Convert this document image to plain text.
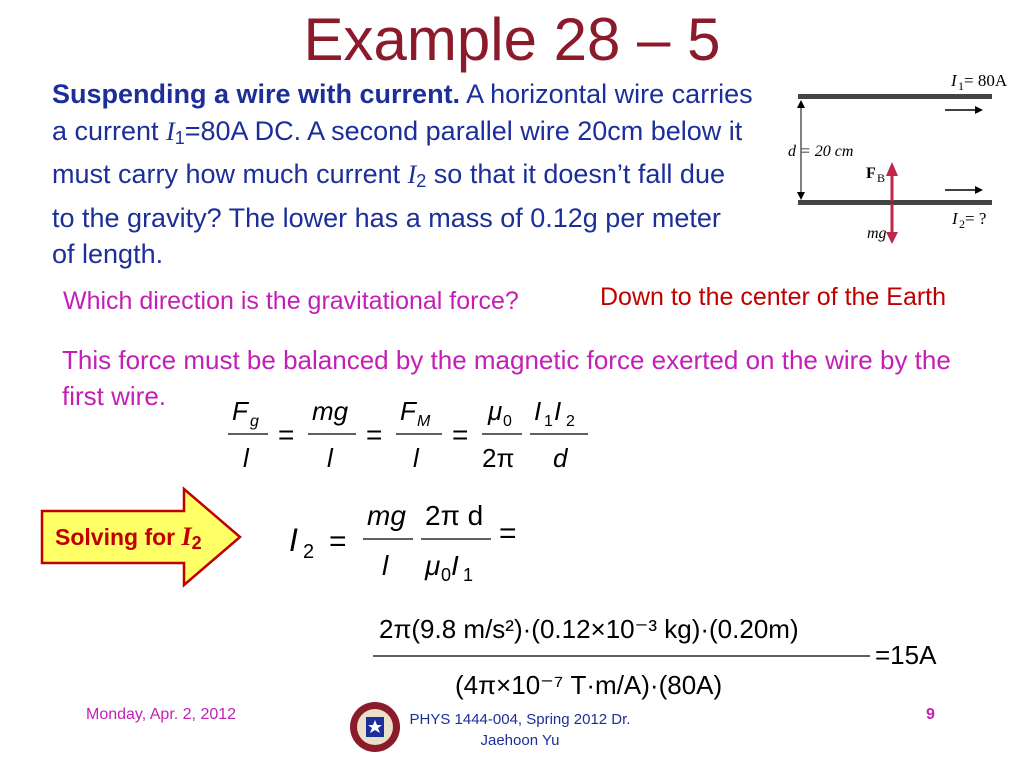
Example 28 – 5
Suspending a wire with current. A horizontal wire carries
a current $I_1=80A$ DC. A second parallel wire 20cm below it
must carry how much current $I_2$ so that it doesn’t fall due
to the gravity? The lower has a mass of 0.12g per meter
of length.
I 1 = 80A
d = 20 cm
F B
mg
I 2 = ?
Which direction is the gravitational force?	Down to the center of the Earth
This force must be balanced by the magnetic force exerted on the wire by the first wire.	F g
l
=
mg
l
=
F M
l
=
μ 0
2π
I 1 I 2
d
Solving for $I_2$	I 2 =
mg
l
2π d
μ 0 I 1
=
2π(9.8 m/s²)·(0.12×10⁻³ kg)·(0.20m)
(4π×10⁻⁷ T·m/A)·(80A)
=15A
Monday, Apr. 2, 2012	PHYS 1444-004, Spring 2012 Dr.
Jaehoon Yu
9
